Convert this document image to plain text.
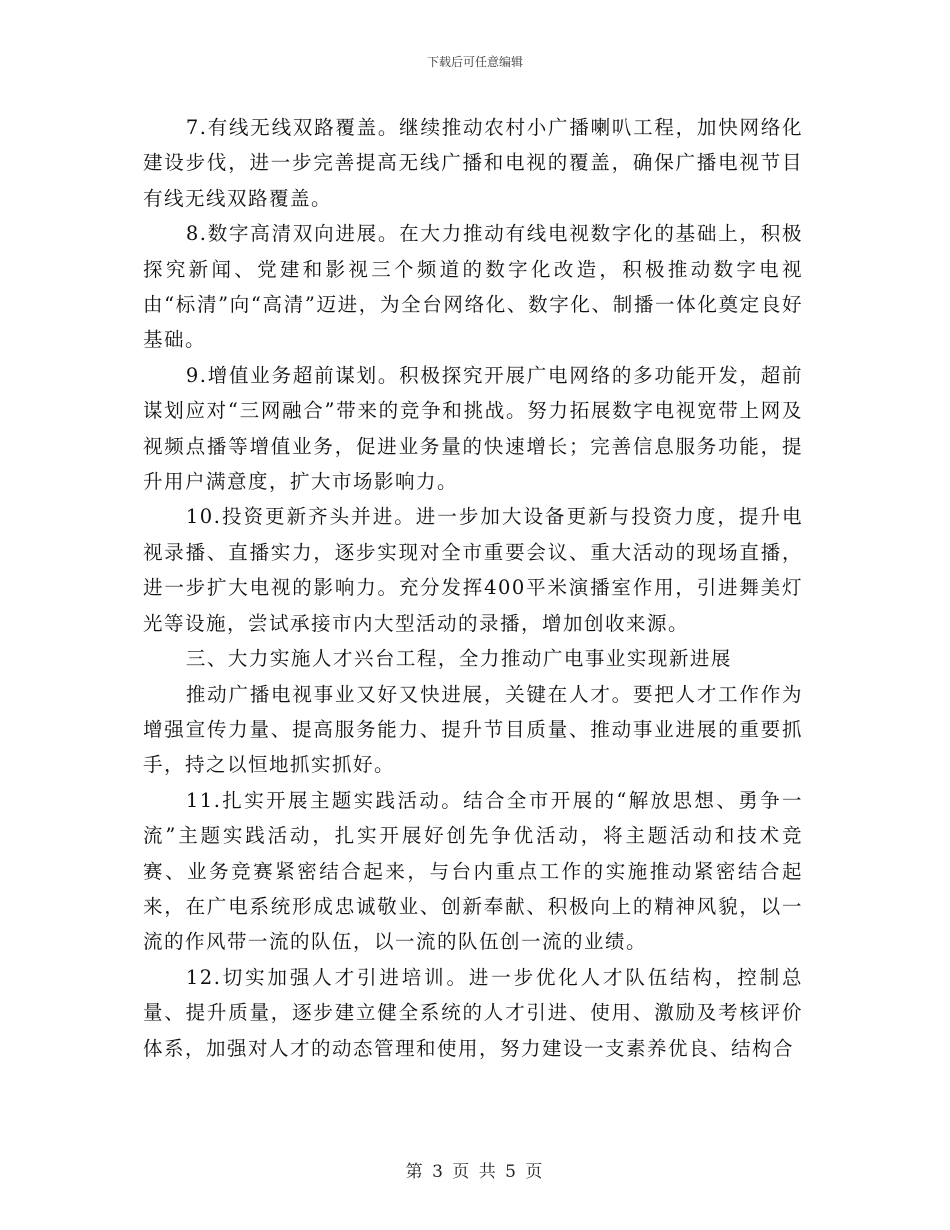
下载后可任意编辑

7.有线无线双路覆盖。继续推动农村小广播喇叭工程，加快网络化建设步伐，进一步完善提高无线广播和电视的覆盖，确保广播电视节目有线无线双路覆盖。

8.数字高清双向进展。在大力推动有线电视数字化的基础上，积极探究新闻、党建和影视三个频道的数字化改造，积极推动数字电视由“标清”向“高清”迈进，为全台网络化、数字化、制播一体化奠定良好基础。

9.增值业务超前谋划。积极探究开展广电网络的多功能开发，超前谋划应对“三网融合”带来的竞争和挑战。努力拓展数字电视宽带上网及视频点播等增值业务，促进业务量的快速增长；完善信息服务功能，提升用户满意度，扩大市场影响力。

10.投资更新齐头并进。进一步加大设备更新与投资力度，提升电视录播、直播实力，逐步实现对全市重要会议、重大活动的现场直播，进一步扩大电视的影响力。充分发挥400平米演播室作用，引进舞美灯光等设施，尝试承接市内大型活动的录播，增加创收来源。

三、大力实施人才兴台工程，全力推动广电事业实现新进展

推动广播电视事业又好又快进展，关键在人才。要把人才工作作为增强宣传力量、提高服务能力、提升节目质量、推动事业进展的重要抓手，持之以恒地抓实抓好。

11.扎实开展主题实践活动。结合全市开展的“解放思想、勇争一流”主题实践活动，扎实开展好创先争优活动，将主题活动和技术竞赛、业务竞赛紧密结合起来，与台内重点工作的实施推动紧密结合起来，在广电系统形成忠诚敬业、创新奉献、积极向上的精神风貌，以一流的作风带一流的队伍，以一流的队伍创一流的业绩。

12.切实加强人才引进培训。进一步优化人才队伍结构，控制总量、提升质量，逐步建立健全系统的人才引进、使用、激励及考核评价体系，加强对人才的动态管理和使用，努力建设一支素养优良、结构合

第 3 页 共 5 页
